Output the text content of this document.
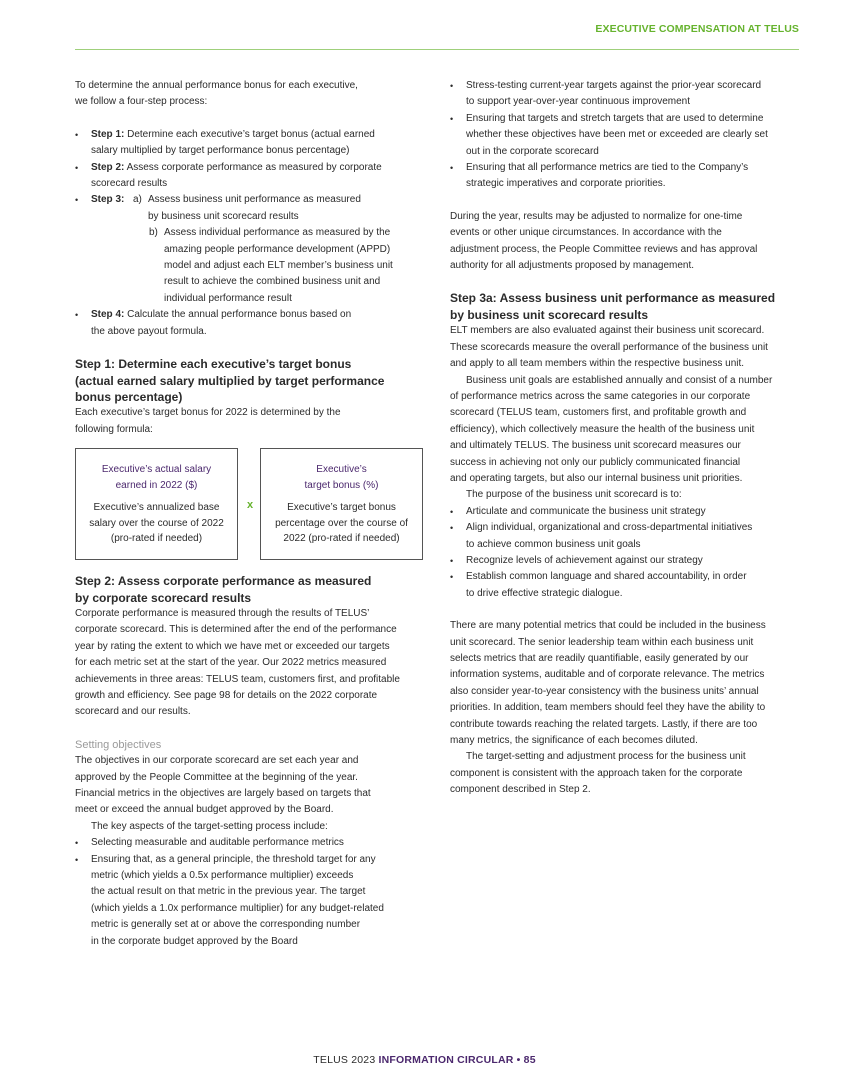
EXECUTIVE COMPENSATION AT TELUS

To determine the annual performance bonus for each executive,
we follow a four-step process:

• Step 1: Determine each executive’s target bonus (actual earned
salary multiplied by target performance bonus percentage)
• Step 2: Assess corporate performance as measured by corporate
scorecard results
• Step 3: a) Assess business unit performance as measured
by business unit scorecard results
b) Assess individual performance as measured by the
amazing people performance development (APPD)
model and adjust each ELT member’s business unit
result to achieve the combined business unit and
individual performance result
• Step 4: Calculate the annual performance bonus based on
the above payout formula.
Step 1: Determine each executive’s target bonus
(actual earned salary multiplied by target performance
bonus percentage)

Each executive’s target bonus for 2022 is determined by the
following formula:

Executive’s actual salary
earned in 2022 ($)
Executive’s annualized base
salary over the course of 2022
(pro-rated if needed)
x
Executive’s
target bonus (%)
Executive’s target bonus
percentage over the course of
2022 (pro-rated if needed)
Step 2: Assess corporate performance as measured
by corporate scorecard results

Corporate performance is measured through the results of TELUS’
corporate scorecard. This is determined after the end of the performance
year by rating the extent to which we have met or exceeded our targets
for each metric set at the start of the year. Our 2022 metrics measured
achievements in three areas: TELUS team, customers first, and profitable
growth and efficiency. See page 98 for details on the 2022 corporate
scorecard and our results.

Setting objectives

The objectives in our corporate scorecard are set each year and
approved by the People Committee at the beginning of the year.
Financial metrics in the objectives are largely based on targets that
meet or exceed the annual budget approved by the Board.

The key aspects of the target-setting process include:

• Selecting measurable and auditable performance metrics
• Ensuring that, as a general principle, the threshold target for any
metric (which yields a 0.5x performance multiplier) exceeds
the actual result on that metric in the previous year. The target
(which yields a 1.0x performance multiplier) for any budget-related
metric is generally set at or above the corresponding number
in the corporate budget approved by the Board
• Stress-testing current-year targets against the prior-year scorecard
to support year-over-year continuous improvement
• Ensuring that targets and stretch targets that are used to determine
whether these objectives have been met or exceeded are clearly set
out in the corporate scorecard
• Ensuring that all performance metrics are tied to the Company’s
strategic imperatives and corporate priorities.

During the year, results may be adjusted to normalize for one-time
events or other unique circumstances. In accordance with the
adjustment process, the People Committee reviews and has approval
authority for all adjustments proposed by management.

Step 3a: Assess business unit performance as measured
by business unit scorecard results

ELT members are also evaluated against their business unit scorecard.
These scorecards measure the overall performance of the business unit
and apply to all team members within the respective business unit.

Business unit goals are established annually and consist of a number
of performance metrics across the same categories in our corporate
scorecard (TELUS team, customers first, and profitable growth and
efficiency), which collectively measure the health of the business unit
and ultimately TELUS. The business unit scorecard measures our
success in achieving not only our publicly communicated financial
and operating targets, but also our internal business unit priorities.

The purpose of the business unit scorecard is to:

• Articulate and communicate the business unit strategy
• Align individual, organizational and cross-departmental initiatives
to achieve common business unit goals
• Recognize levels of achievement against our strategy
• Establish common language and shared accountability, in order
to drive effective strategic dialogue.

There are many potential metrics that could be included in the business
unit scorecard. The senior leadership team within each business unit
selects metrics that are readily quantifiable, easily generated by our
information systems, auditable and of corporate relevance. The metrics
also consider year-to-year consistency with the business units’ annual
priorities. In addition, team members should feel they have the ability to
contribute towards reaching the related targets. Lastly, if there are too
many metrics, the significance of each becomes diluted.

The target-setting and adjustment process for the business unit
component is consistent with the approach taken for the corporate
component described in Step 2.

TELUS 2023 INFORMATION CIRCULAR • 85
